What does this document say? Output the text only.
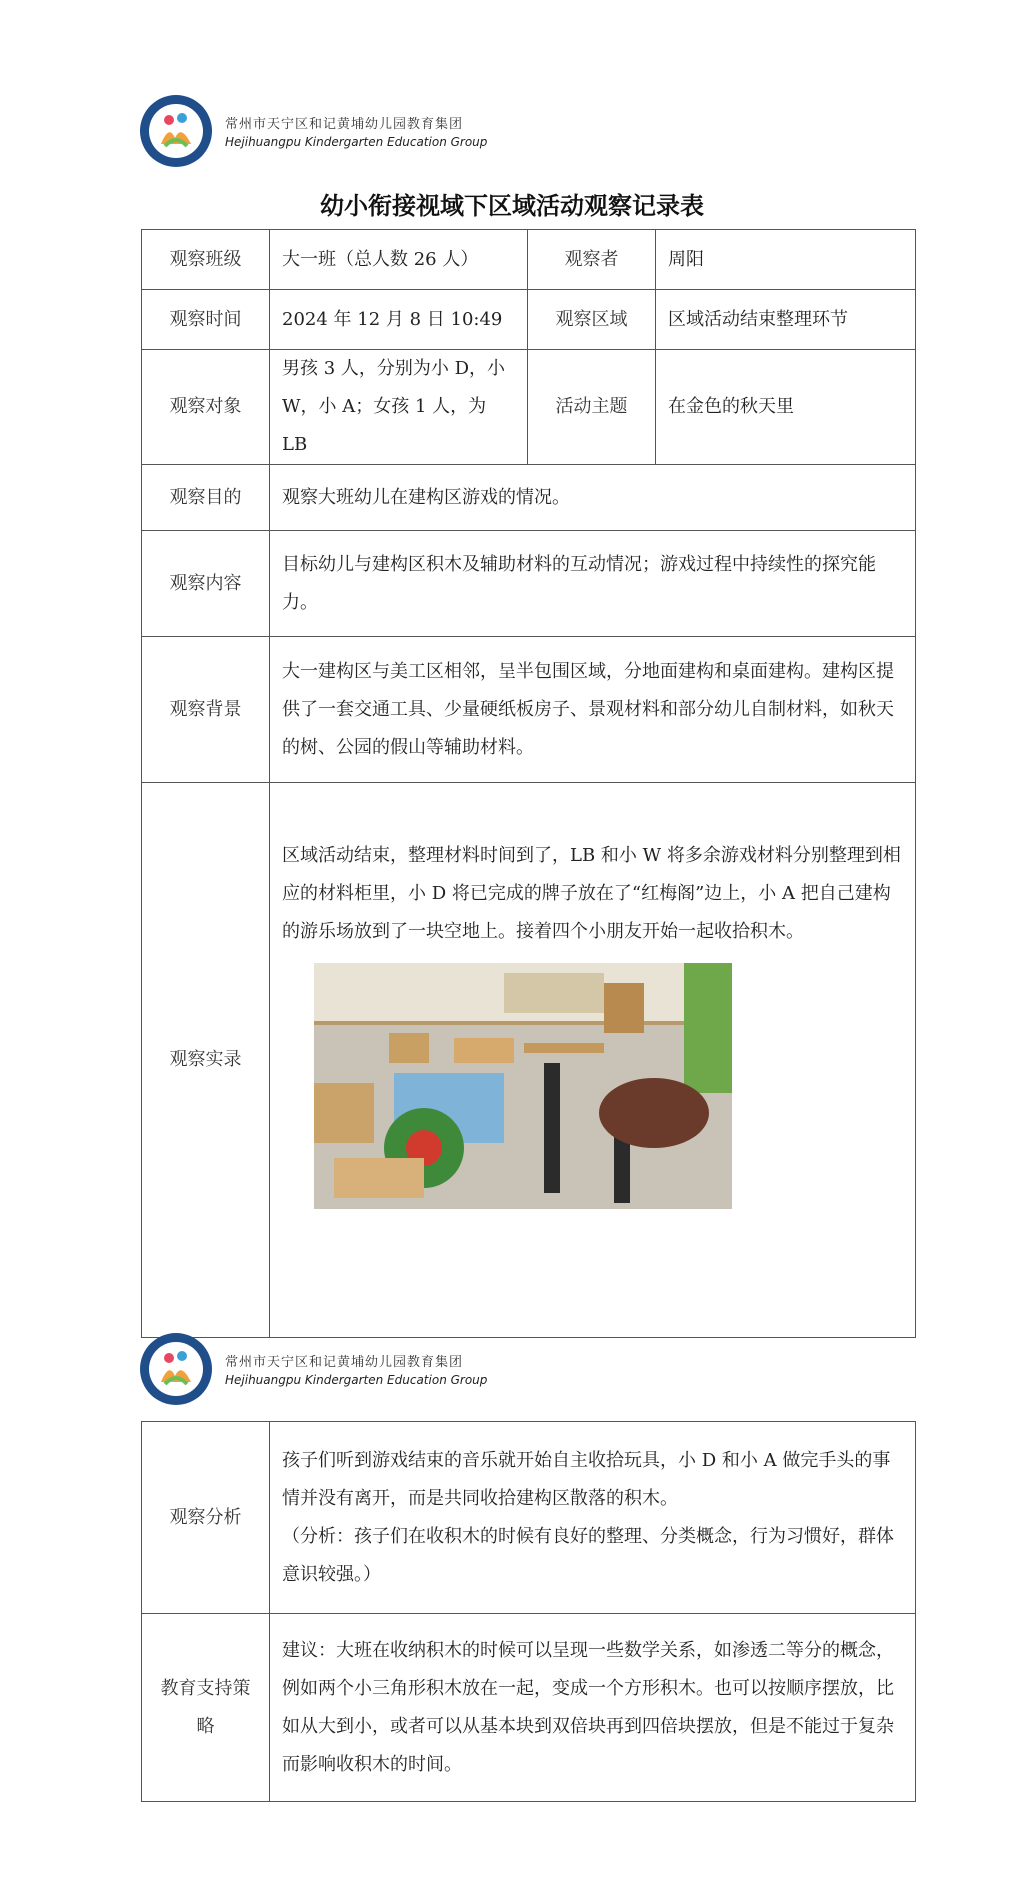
常州市天宁区和记黄埔幼儿园教育集团
Hejihuangpu Kindergarten Education Group
幼小衔接视域下区域活动观察记录表
观察班级	大一班（总人数 26 人）	观察者	周阳
观察时间	2024 年 12 月 8 日 10:49	观察区域	区域活动结束整理环节
观察对象	男孩 3 人，分别为小 D，小 W，小 A；女孩 1 人，为 LB	活动主题	在金色的秋天里
观察目的	观察大班幼儿在建构区游戏的情况。		
观察内容	目标幼儿与建构区积木及辅助材料的互动情况；游戏过程中持续性的探究能力。		
观察背景	大一建构区与美工区相邻，呈半包围区域，分地面建构和桌面建构。建构区提供了一套交通工具、少量硬纸板房子、景观材料和部分幼儿自制材料，如秋天的树、公园的假山等辅助材料。		
观察实录	区域活动结束，整理材料时间到了，LB 和小 W 将多余游戏材料分别整理到相应的材料柜里，小 D 将已完成的牌子放在了“红梅阁”边上，小 A 把自己建构的游乐场放到了一块空地上。接着四个小朋友开始一起收拾积木。		
常州市天宁区和记黄埔幼儿园教育集团
Hejihuangpu Kindergarten Education Group
观察分析	孩子们听到游戏结束的音乐就开始自主收拾玩具，小 D 和小 A 做完手头的事情并没有离开，而是共同收拾建构区散落的积木。
（分析：孩子们在收积木的时候有良好的整理、分类概念，行为习惯好，群体意识较强。）

教育支持策略	建议：大班在收纳积木的时候可以呈现一些数学关系，如渗透二等分的概念，例如两个小三角形积木放在一起，变成一个方形积木。也可以按顺序摆放，比如从大到小，或者可以从基本块到双倍块再到四倍块摆放，但是不能过于复杂而影响收积木的时间。
